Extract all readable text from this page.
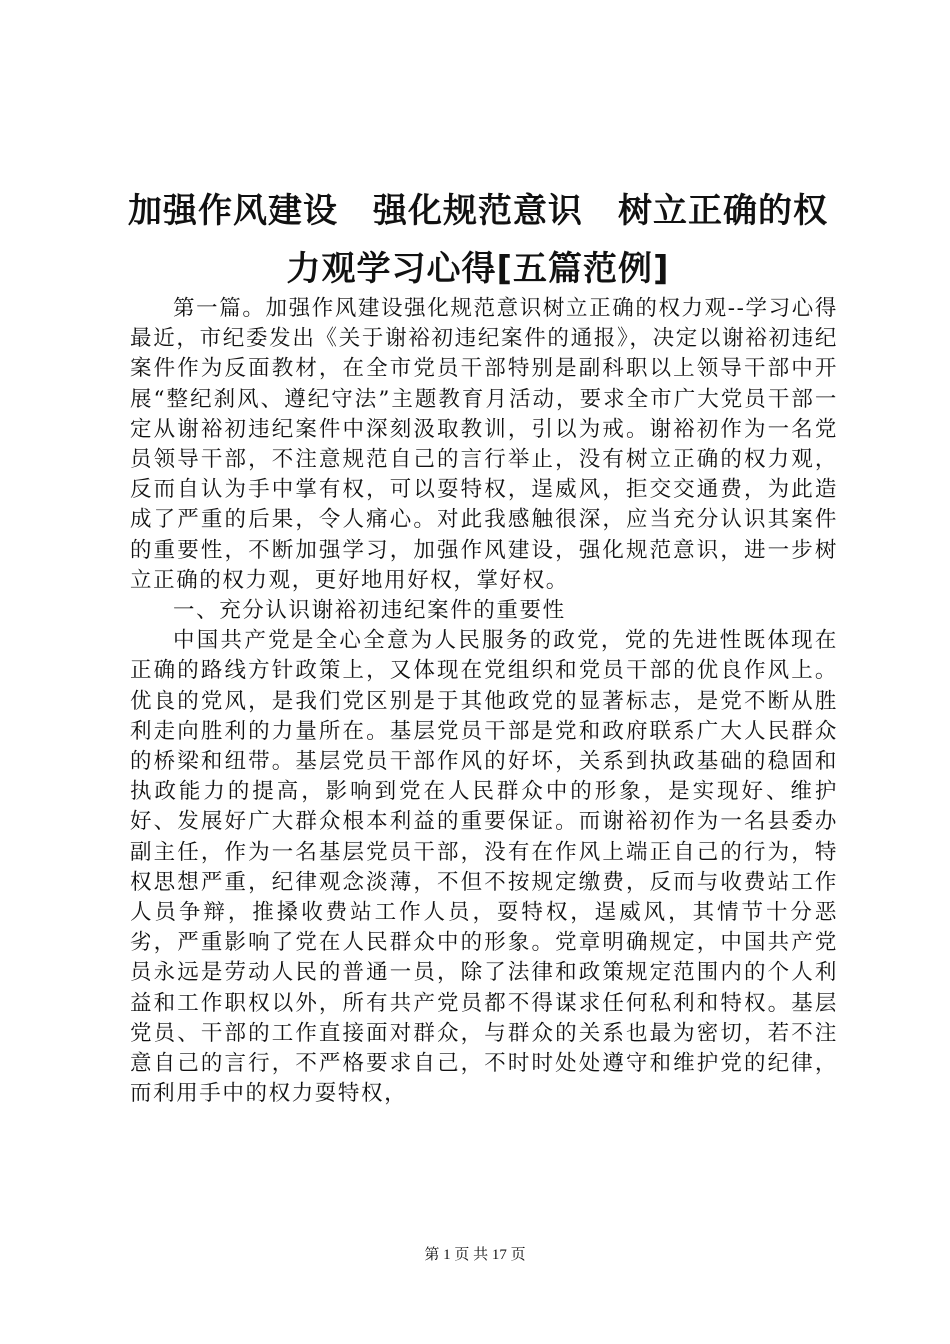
加强作风建设　强化规范意识　树立正确的权
力观学习心得[五篇范例]

第一篇。加强作风建设强化规范意识树立正确的权力观--学习心得最近，市纪委发出《关于谢裕初违纪案件的通报》，决定以谢裕初违纪案件作为反面教材，在全市党员干部特别是副科职以上领导干部中开展“整纪刹风、遵纪守法”主题教育月活动，要求全市广大党员干部一定从谢裕初违纪案件中深刻汲取教训，引以为戒。谢裕初作为一名党员领导干部，不注意规范自己的言行举止，没有树立正确的权力观，反而自认为手中掌有权，可以耍特权，逞威风，拒交交通费，为此造成了严重的后果，令人痛心。对此我感触很深，应当充分认识其案件的重要性，不断加强学习，加强作风建设，强化规范意识，进一步树立正确的权力观，更好地用好权，掌好权。

一、充分认识谢裕初违纪案件的重要性

中国共产党是全心全意为人民服务的政党，党的先进性既体现在正确的路线方针政策上，又体现在党组织和党员干部的优良作风上。优良的党风，是我们党区别是于其他政党的显著标志，是党不断从胜利走向胜利的力量所在。基层党员干部是党和政府联系广大人民群众的桥梁和纽带。基层党员干部作风的好坏，关系到执政基础的稳固和执政能力的提高，影响到党在人民群众中的形象，是实现好、维护好、发展好广大群众根本利益的重要保证。而谢裕初作为一名县委办副主任，作为一名基层党员干部，没有在作风上端正自己的行为，特权思想严重，纪律观念淡薄，不但不按规定缴费，反而与收费站工作人员争辩，推搡收费站工作人员，耍特权，逞威风，其情节十分恶劣，严重影响了党在人民群众中的形象。党章明确规定，中国共产党员永远是劳动人民的普通一员，除了法律和政策规定范围内的个人利益和工作职权以外，所有共产党员都不得谋求任何私利和特权。基层党员、干部的工作直接面对群众，与群众的关系也最为密切，若不注意自己的言行，不严格要求自己，不时时处处遵守和维护党的纪律，而利用手中的权力耍特权，

第 1 页 共 17 页
